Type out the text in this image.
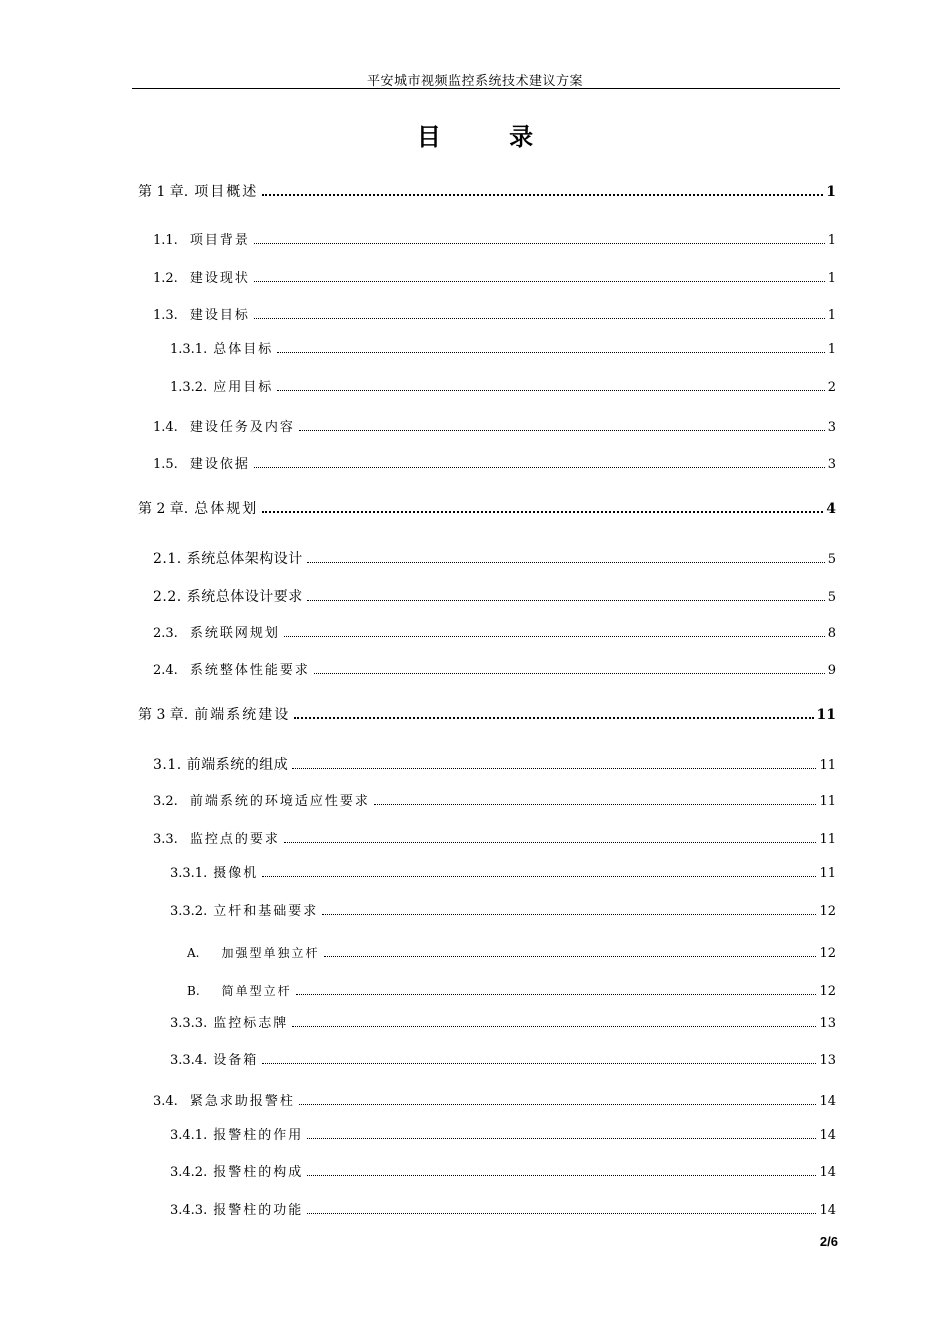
平安城市视频监控系统技术建议方案
目 录
第 1 章. 项目概述	1
1.1. 项目背景	1
1.2. 建设现状	1
1.3. 建设目标	1
1.3.1. 总体目标	1
1.3.2. 应用目标	2
1.4. 建设任务及内容	3
1.5. 建设依据	3
第 2 章. 总体规划	4
2.1. 系统总体架构设计	5
2.2. 系统总体设计要求	5
2.3. 系统联网规划	8
2.4. 系统整体性能要求	9
第 3 章. 前端系统建设	11
3.1. 前端系统的组成	11
3.2. 前端系统的环境适应性要求	11
3.3. 监控点的要求	11
3.3.1. 摄像机	11
3.3.2. 立杆和基础要求	12
A. 加强型单独立杆	12
B. 简单型立杆	12
3.3.3. 监控标志牌	13
3.3.4. 设备箱	13
3.4. 紧急求助报警柱	14
3.4.1. 报警柱的作用	14
3.4.2. 报警柱的构成	14
3.4.3. 报警柱的功能	14
2/6
